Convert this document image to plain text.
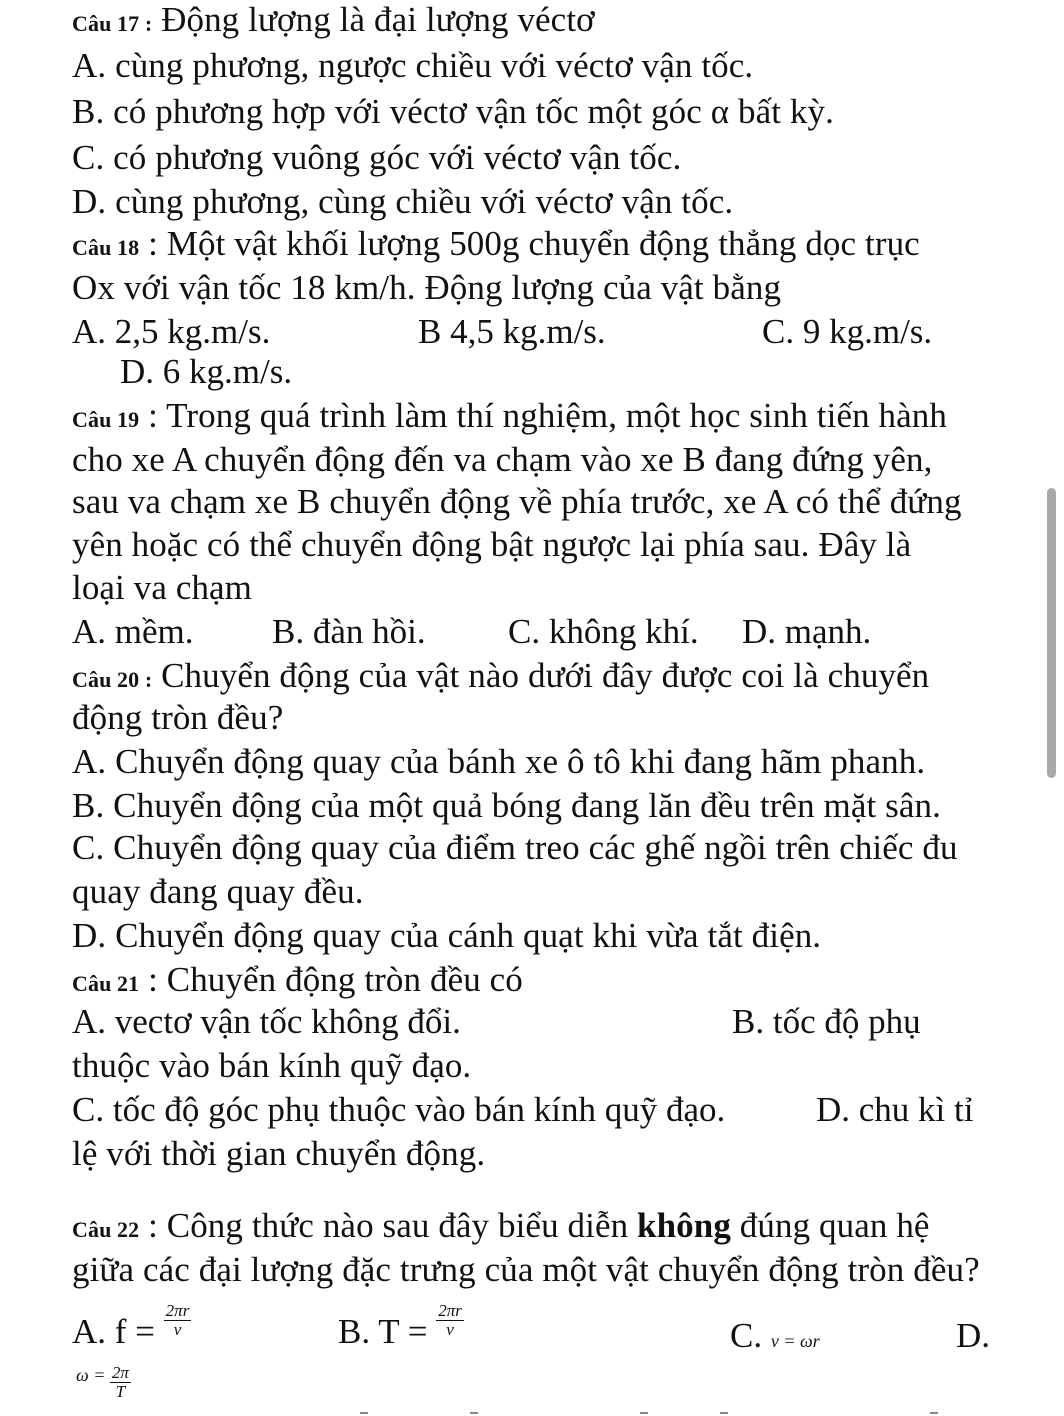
Câu 17 : Động lượng là đại lượng véctơ
A. cùng phương, ngược chiều với véctơ vận tốc.
B. có phương hợp với véctơ vận tốc một góc α bất kỳ.
C. có phương vuông góc với véctơ vận tốc.
D. cùng phương, cùng chiều với véctơ vận tốc.
Câu 18 : Một vật khối lượng 500g chuyển động thẳng dọc trục
Ox với vận tốc 18 km/h. Động lượng của vật bằng
A. 2,5 kg.m/s.	B 4,5 kg.m/s.	C. 9 kg.m/s.
D. 6 kg.m/s.
Câu 19 : Trong quá trình làm thí nghiệm, một học sinh tiến hành
cho xe A chuyển động đến va chạm vào xe B đang đứng yên,
sau va chạm xe B chuyển động về phía trước, xe A có thể đứng
yên hoặc có thể chuyển động bật ngược lại phía sau. Đây là
loại va chạm
A. mềm. B. đàn hồi. C. không khí. D. mạnh.
Câu 20 : Chuyển động của vật nào dưới đây được coi là chuyển
động tròn đều?
A. Chuyển động quay của bánh xe ô tô khi đang hãm phanh.
B. Chuyển động của một quả bóng đang lăn đều trên mặt sân.
C. Chuyển động quay của điểm treo các ghế ngồi trên chiếc đu
quay đang quay đều.
D. Chuyển động quay của cánh quạt khi vừa tắt điện.
Câu 21 : Chuyển động tròn đều có
A. vectơ vận tốc không đổi.	B. tốc độ phụ
thuộc vào bán kính quỹ đạo.
C. tốc độ góc phụ thuộc vào bán kính quỹ đạo.	D. chu kì tỉ
lệ với thời gian chuyển động.
Câu 22 : Công thức nào sau đây biểu diễn không đúng quan hệ
giữa các đại lượng đặc trưng của một vật chuyển động tròn đều?
A. $f = \frac{2\pi r}{v}$	B. $T = \frac{2\pi r}{v}$	C. v = ωr	D.
$\omega = \frac{2\pi}{T}$
